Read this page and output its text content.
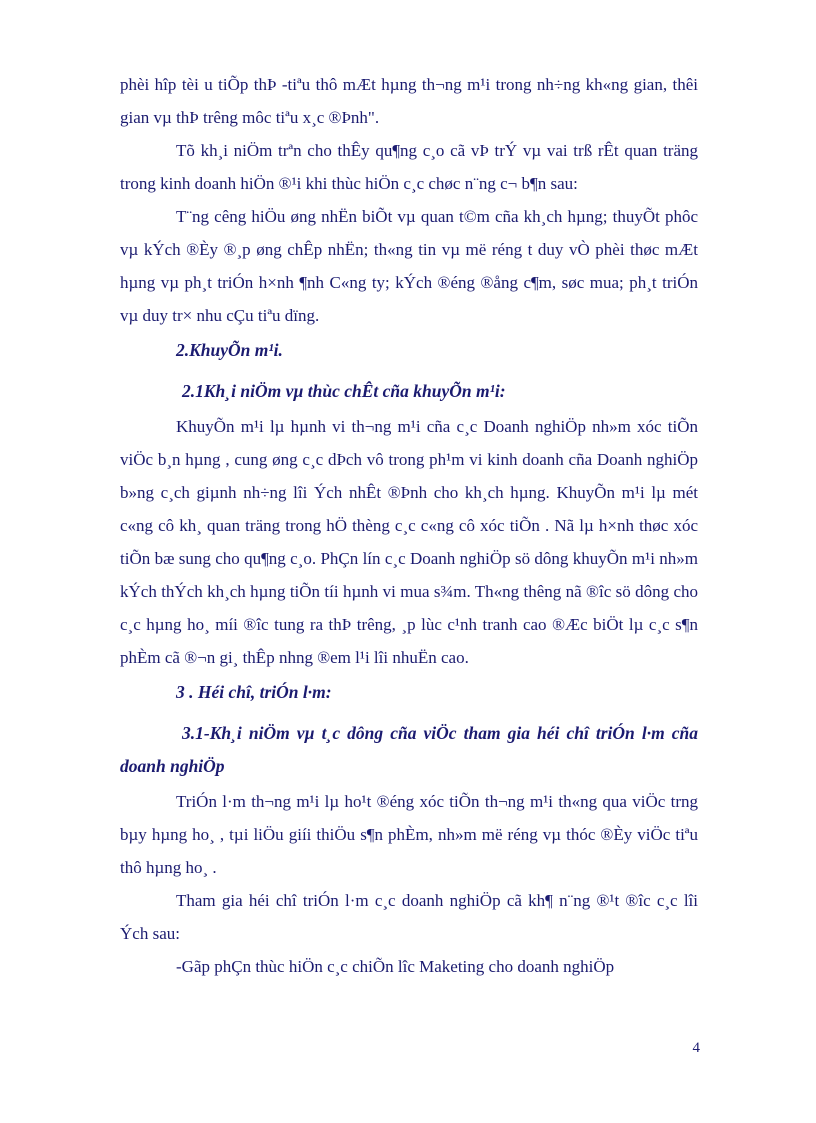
phèi hîp tèi u tiÕp thÞ -tiªu thô mÆt hµng th¬ng m¹i trong nh÷ng kh«ng gian, thêi gian vµ thÞ trêng môc tiªu x¸c ®Þnh".

Tõ kh¸i niÖm trªn cho thÊy qu¶ng c¸o cã vÞ trÝ vµ vai trß rÊt quan träng trong kinh doanh hiÖn ®¹i khi thùc hiÖn c¸c chøc n¨ng c¬ b¶n sau:

T¨ng cêng hiÖu øng nhËn biÕt vµ quan t©m cña kh¸ch hµng; thuyÕt phôc vµ kÝch ®Èy ®¸p øng chÊp nhËn; th«ng tin vµ më réng t duy vÒ phèi thøc mÆt hµng vµ ph¸t triÓn h×nh ¶nh C«ng ty; kÝch ®éng ®ång c¶m, søc mua; ph¸t triÓn vµ duy tr× nhu cÇu tiªu dïng.

2.KhuyÕn m¹i.

2.1Kh¸i niÖm vµ thùc chÊt cña khuyÕn m¹i:

KhuyÕn m¹i lµ hµnh vi th¬ng m¹i cña c¸c Doanh nghiÖp nh»m xóc tiÕn viÖc b¸n hµng , cung øng c¸c dÞch vô trong ph¹m vi kinh doanh cña Doanh nghiÖp b»ng c¸ch giµnh nh÷ng lîi Ých nhÊt ®Þnh cho kh¸ch hµng. KhuyÕn m¹i lµ mét c«ng cô kh¸ quan träng trong hÖ thèng c¸c c«ng cô xóc tiÕn . Nã lµ h×nh thøc xóc tiÕn bæ sung cho qu¶ng c¸o. PhÇn lín c¸c Doanh nghiÖp sö dông khuyÕn m¹i nh»m kÝch thÝch kh¸ch hµng tiÕn tíi hµnh vi mua s¾m. Th«ng thêng nã ®îc sö dông cho c¸c hµng ho¸ míi ®îc tung ra thÞ trêng, ¸p lùc c¹nh tranh cao ®Æc biÖt lµ c¸c s¶n phÈm cã ®¬n gi¸ thÊp nhng ®em l¹i lîi nhuËn cao.

3 . Héi chî, triÓn l·m:

3.1-Kh¸i niÖm vµ t¸c dông cña viÖc tham gia héi chî triÓn l·m cña doanh nghiÖp

TriÓn l·m th¬ng m¹i lµ ho¹t ®éng xóc tiÕn th¬ng m¹i th«ng qua viÖc trng bµy hµng ho¸ , tµi liÖu giíi thiÖu s¶n phÈm, nh»m më réng vµ thóc ®Èy viÖc tiªu thô hµng ho¸ .

Tham gia héi chî triÓn l·m c¸c doanh nghiÖp cã kh¶ n¨ng ®¹t ®îc c¸c lîi Ých sau:

-Gãp phÇn thùc hiÖn c¸c chiÕn lîc Maketing cho doanh nghiÖp

4
